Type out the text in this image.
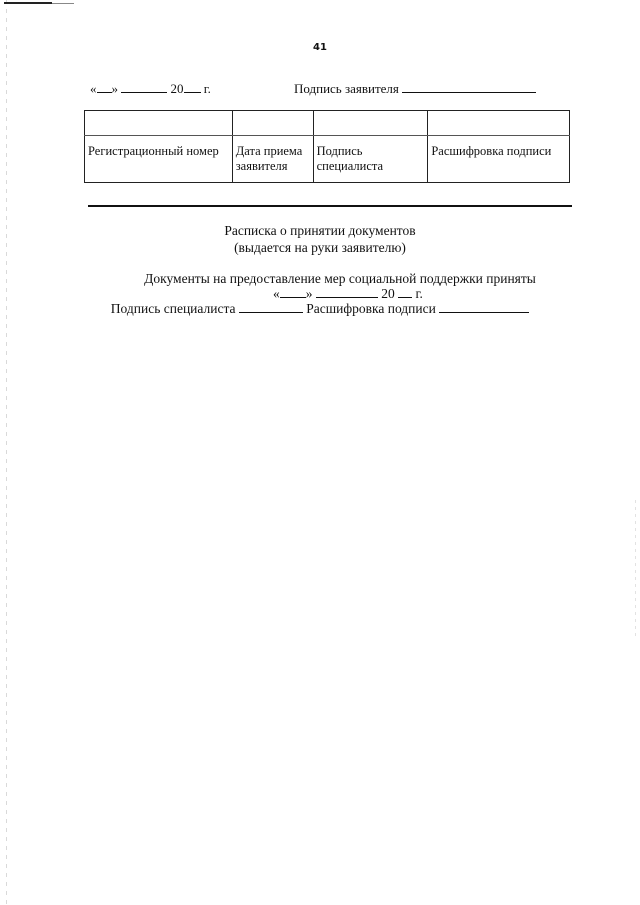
41
« »	20 г.	Подпись заявителя

Регистрационный номер	Дата приема заявителя	Подпись специалиста	Расшифровка подписи
Расписка о принятии документов
(выдается на руки заявителю)
Документы на предоставление мер социальной поддержки приняты
« »	20 г.
Подпись специалиста	Расшифровка подписи
